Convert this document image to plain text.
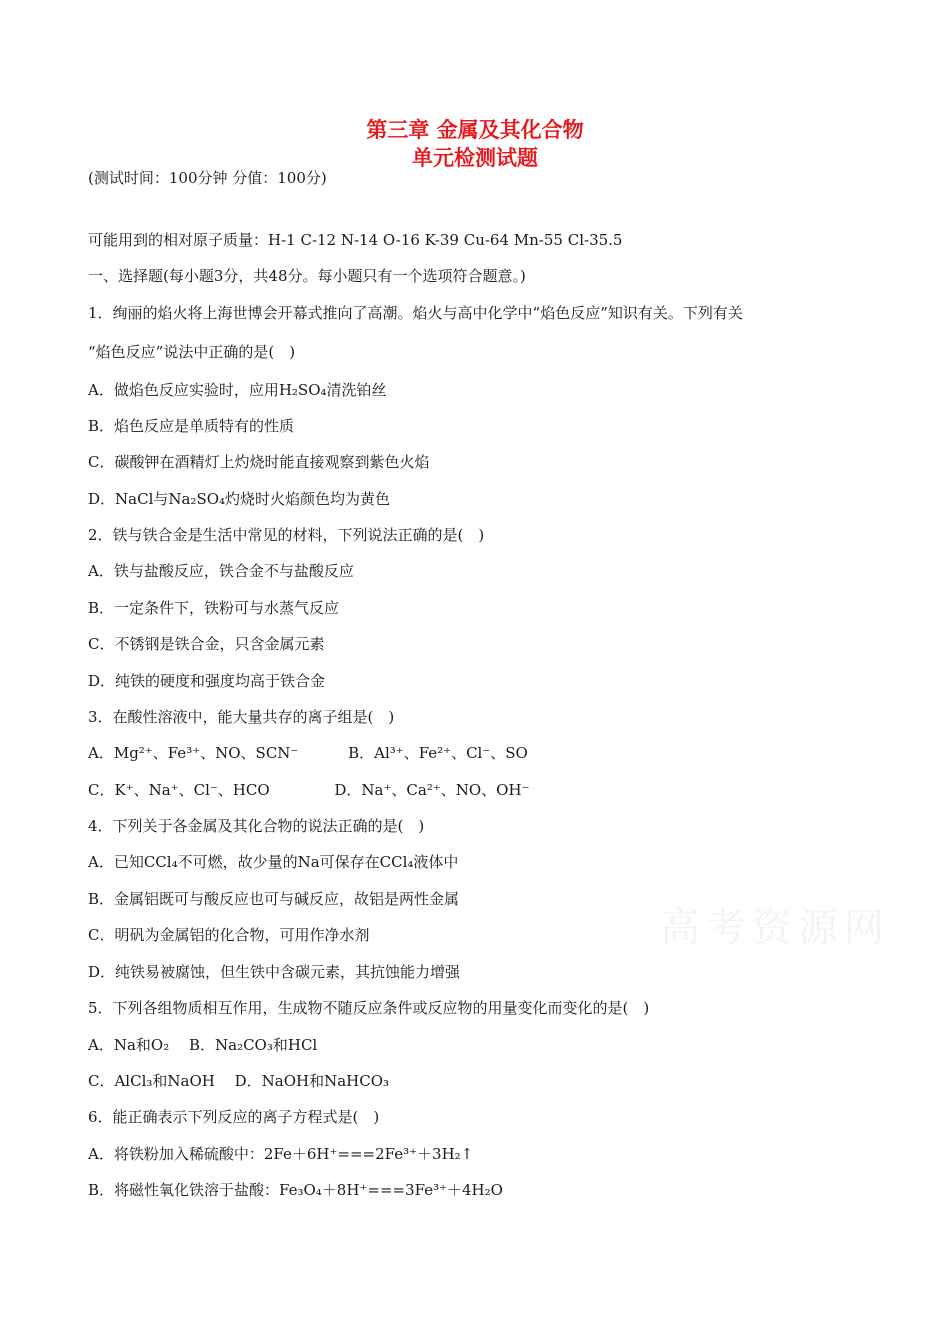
第三章 金属及其化合物
单元检测试题
(测试时间：100分钟 分值：100分)
可能用到的相对原子质量：H-1 C-12 N-14 O-16 K-39 Cu-64 Mn-55 Cl-35.5
一、选择题(每小题3分，共48分。每小题只有一个选项符合题意。)
1．绚丽的焰火将上海世博会开幕式推向了高潮。焰火与高中化学中“焰色反应”知识有关。下列有关
“焰色反应”说法中正确的是(　)
A．做焰色反应实验时，应用H₂SO₄清洗铂丝
B．焰色反应是单质特有的性质
C．碳酸钾在酒精灯上灼烧时能直接观察到紫色火焰
D．NaCl与Na₂SO₄灼烧时火焰颜色均为黄色
2．铁与铁合金是生活中常见的材料，下列说法正确的是(　)
A．铁与盐酸反应，铁合金不与盐酸反应
B．一定条件下，铁粉可与水蒸气反应
C．不锈钢是铁合金，只含金属元素
D．纯铁的硬度和强度均高于铁合金
3．在酸性溶液中，能大量共存的离子组是(　)
A．Mg²⁺、Fe³⁺、NO、SCN⁻　　　 B．Al³⁺、Fe²⁺、Cl⁻、SO
C．K⁺、Na⁺、Cl⁻、HCO　　　　 D．Na⁺、Ca²⁺、NO、OH⁻
4．下列关于各金属及其化合物的说法正确的是(　)
A．已知CCl₄不可燃，故少量的Na可保存在CCl₄液体中
B．金属铝既可与酸反应也可与碱反应，故铝是两性金属
C．明矾为金属铝的化合物，可用作净水剂
D．纯铁易被腐蚀，但生铁中含碳元素，其抗蚀能力增强
5．下列各组物质相互作用，生成物不随反应条件或反应物的用量变化而变化的是(　)
A．Na和O₂　 B．Na₂CO₃和HCl
C．AlCl₃和NaOH　 D．NaOH和NaHCO₃
6．能正确表示下列反应的离子方程式是(　)
A．将铁粉加入稀硫酸中：2Fe＋6H⁺===2Fe³⁺＋3H₂↑
B．将磁性氧化铁溶于盐酸：Fe₃O₄＋8H⁺===3Fe³⁺＋4H₂O
高考资源网
